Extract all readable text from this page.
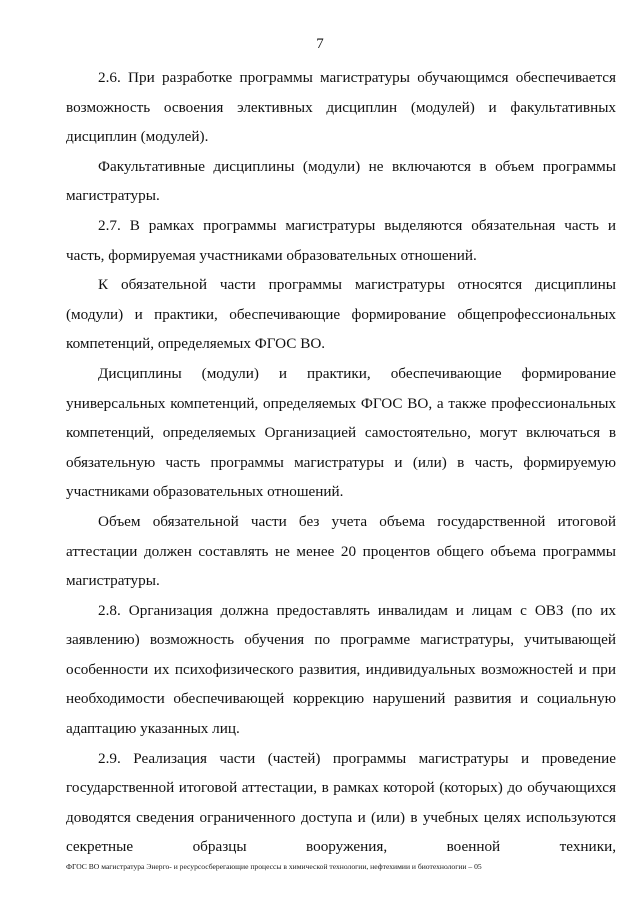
7

2.6. При разработке программы магистратуры обучающимся обеспечивается возможность освоения элективных дисциплин (модулей) и факультативных дисциплин (модулей).

Факультативные дисциплины (модули) не включаются в объем программы магистратуры.

2.7. В рамках программы магистратуры выделяются обязательная часть и часть, формируемая участниками образовательных отношений.

К обязательной части программы магистратуры относятся дисциплины (модули) и практики, обеспечивающие формирование общепрофессиональных компетенций, определяемых ФГОС ВО.

Дисциплины (модули) и практики, обеспечивающие формирование универсальных компетенций, определяемых ФГОС ВО, а также профессиональных компетенций, определяемых Организацией самостоятельно, могут включаться в обязательную часть программы магистратуры и (или) в часть, формируемую участниками образовательных отношений.

Объем обязательной части без учета объема государственной итоговой аттестации должен составлять не менее 20 процентов общего объема программы магистратуры.

2.8. Организация должна предоставлять инвалидам и лицам с ОВЗ (по их заявлению) возможность обучения по программе магистратуры, учитывающей особенности их психофизического развития, индивидуальных возможностей и при необходимости обеспечивающей коррекцию нарушений развития и социальную адаптацию указанных лиц.

2.9. Реализация части (частей) программы магистратуры и проведение государственной итоговой аттестации, в рамках которой (которых) до обучающихся доводятся сведения ограниченного доступа и (или) в учебных целях используются секретные образцы вооружения, военной техники,

ФГОС ВО магистратура Энерго- и ресурсосберегающие процессы в химической технологии, нефтехимии и биотехнологии – 05
